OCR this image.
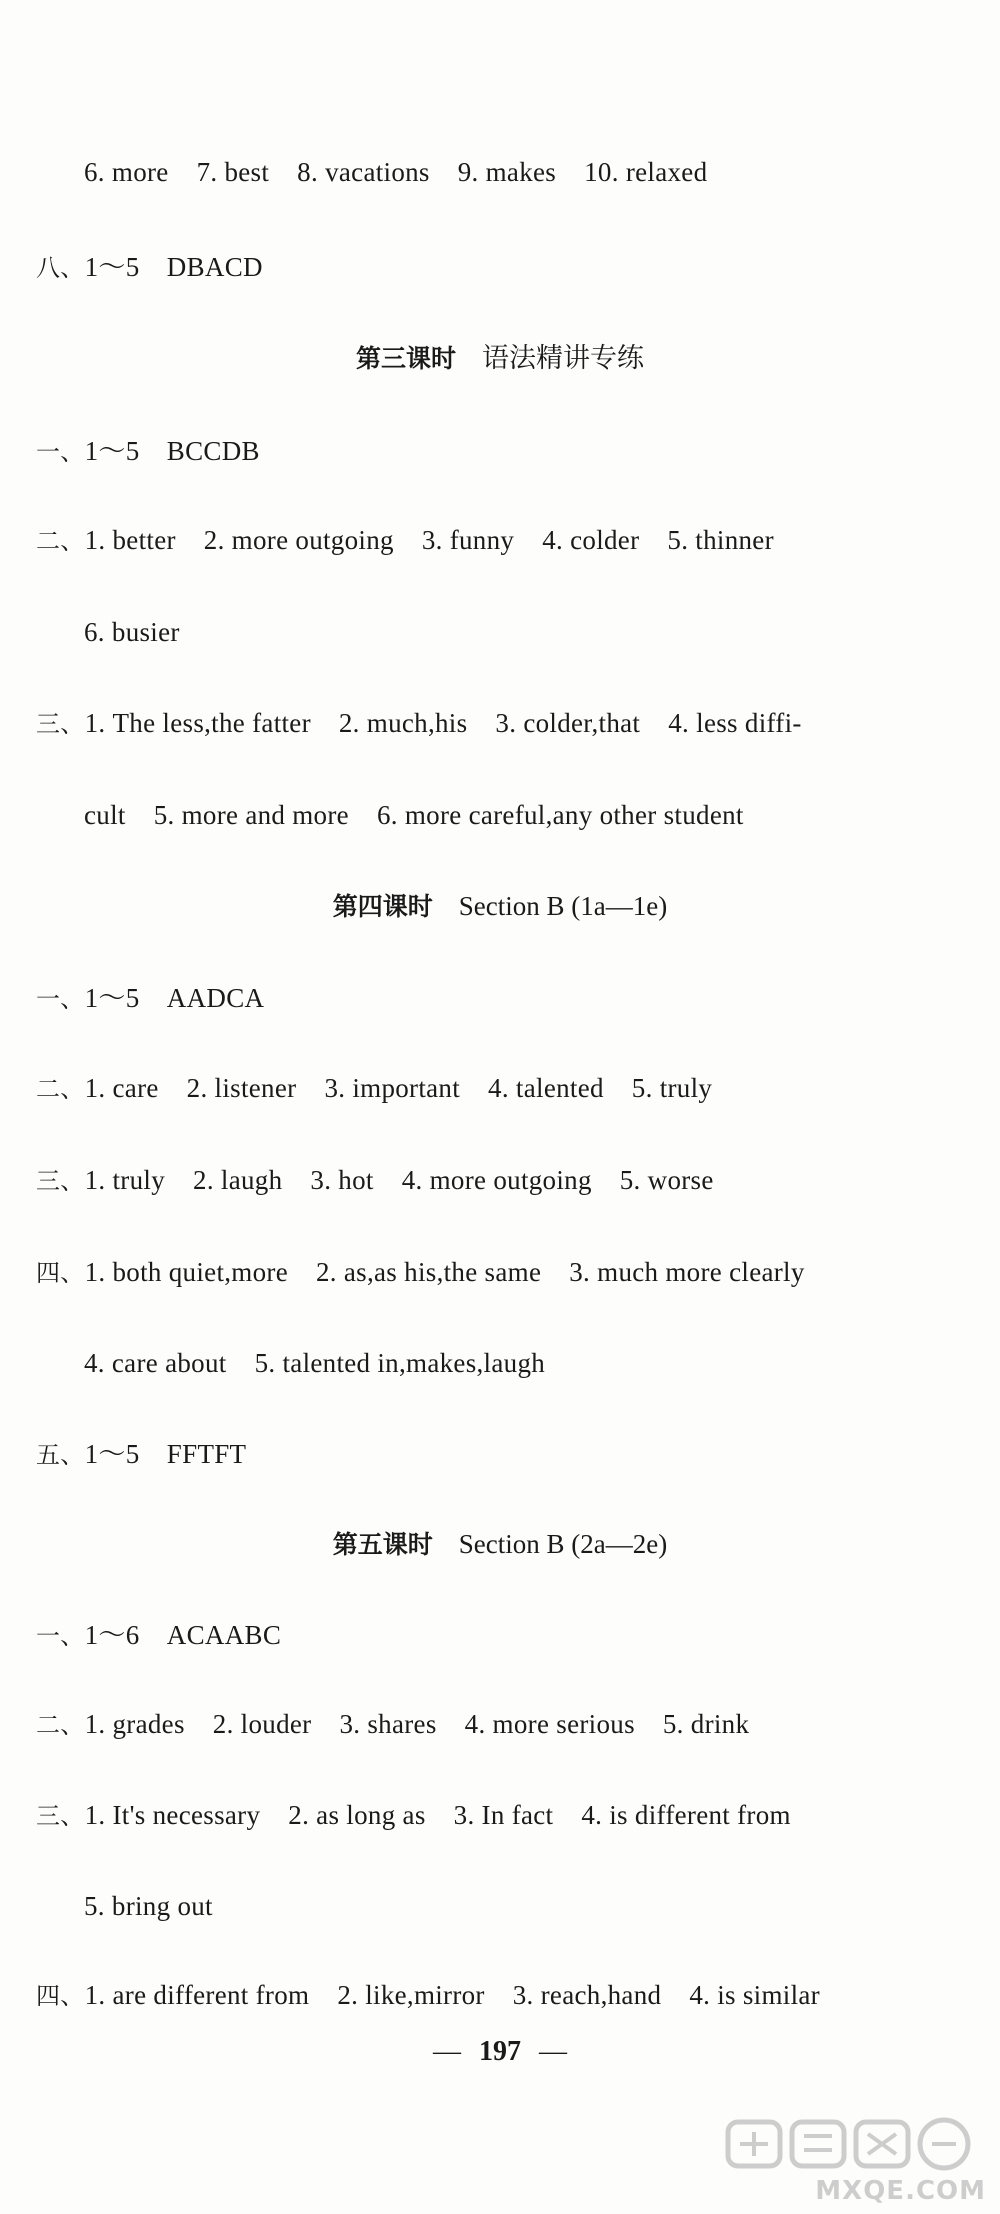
6. more 7. best 8. vacations 9. makes 10. relaxed
八、1～5　DBACD
第三课时 语法精讲专练
一、1～5　BCCDB
二、1. better 2. more outgoing 3. funny 4. colder 5. thinner
6. busier
三、1. The less,the fatter 2. much,his 3. colder,that 4. less diffi-
cult 5. more and more 6. more careful,any other student
第四课时 Section B (1a—1e)
一、1～5　AADCA
二、1. care 2. listener 3. important 4. talented 5. truly
三、1. truly 2. laugh 3. hot 4. more outgoing 5. worse
四、1. both quiet,more 2. as,as his,the same 3. much more clearly
4. care about 5. talented in,makes,laugh
五、1～5　FFTFT
第五课时 Section B (2a—2e)
一、1～6　ACAABC
二、1. grades 2. louder 3. shares 4. more serious 5. drink
三、1. It's necessary 2. as long as 3. In fact 4. is different from
5. bring out
四、1. are different from 2. like,mirror 3. reach,hand 4. is similar
— 197 —
MXQE.COM
